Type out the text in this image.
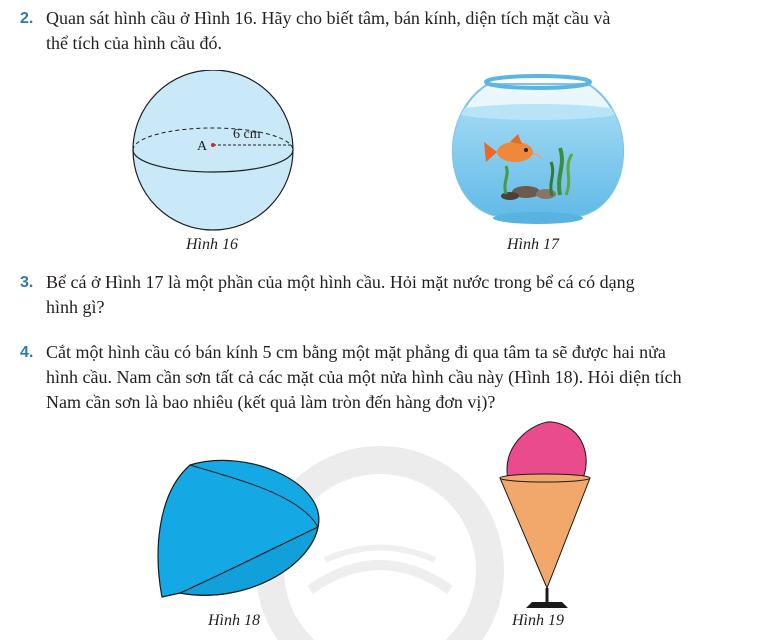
2. Quan sát hình cầu ở Hình 16. Hãy cho biết tâm, bán kính, diện tích mặt cầu và
thể tích của hình cầu đó.
A
6 cm
Hình 16	Hình 17
3. Bể cá ở Hình 17 là một phần của một hình cầu. Hỏi mặt nước trong bể cá có dạng
hình gì?
4. Cắt một hình cầu có bán kính 5 cm bằng một mặt phẳng đi qua tâm ta sẽ được hai nửa
hình cầu. Nam cần sơn tất cả các mặt của một nửa hình cầu này (Hình 18). Hỏi diện tích
Nam cần sơn là bao nhiêu (kết quả làm tròn đến hàng đơn vị)?
Hình 18	Hình 19
